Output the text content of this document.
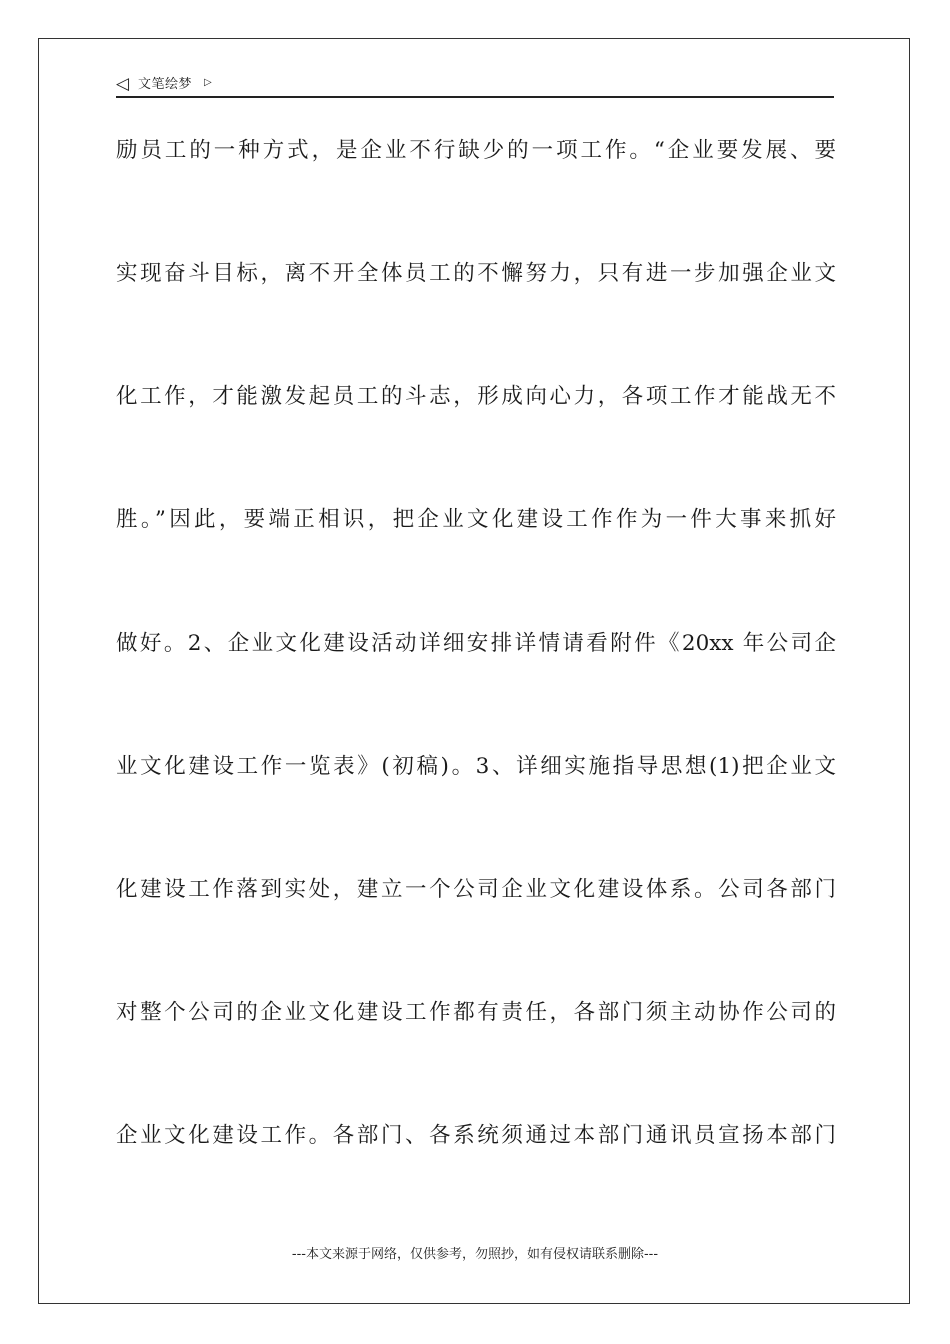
◁ 文笔绘梦 ▷
励员工的一种方式，是企业不行缺少的一项工作。“企业要发展、要
实现奋斗目标，离不开全体员工的不懈努力，只有进一步加强企业文
化工作，才能激发起员工的斗志，形成向心力，各项工作才能战无不
胜。”因此，要端正相识，把企业文化建设工作作为一件大事来抓好
做好。2、企业文化建设活动详细安排详情请看附件《20xx 年公司企
业文化建设工作一览表》(初稿)。3、详细实施指导思想(1)把企业文
化建设工作落到实处，建立一个公司企业文化建设体系。公司各部门
对整个公司的企业文化建设工作都有责任，各部门须主动协作公司的
企业文化建设工作。各部门、各系统须通过本部门通讯员宣扬本部门
---本文来源于网络，仅供参考，勿照抄，如有侵权请联系删除---
